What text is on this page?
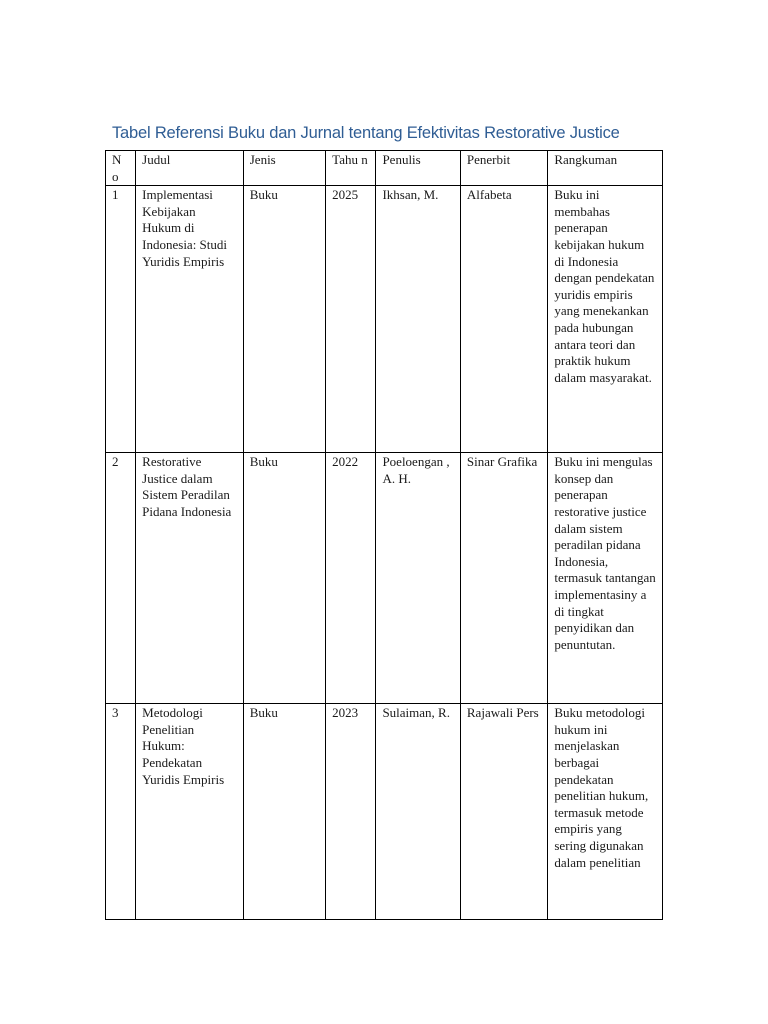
Tabel Referensi Buku dan Jurnal tentang Efektivitas Restorative Justice
N o	Judul	Jenis	Tahu n	Penulis	Penerbit	Rangkuman
1	Implementasi Kebijakan Hukum di Indonesia: Studi Yuridis Empiris	Buku	2025	Ikhsan, M.	Alfabeta	Buku ini membahas penerapan kebijakan hukum di Indonesia dengan pendekatan yuridis empiris yang menekankan pada hubungan antara teori dan praktik hukum dalam masyarakat.
2	Restorative Justice dalam Sistem Peradilan Pidana Indonesia	Buku	2022	Poeloengan , A. H.	Sinar Grafika	Buku ini mengulas konsep dan penerapan restorative justice dalam sistem peradilan pidana Indonesia, termasuk tantangan implementasiny a di tingkat penyidikan dan penuntutan.
3	Metodologi Penelitian Hukum: Pendekatan Yuridis Empiris	Buku	2023	Sulaiman, R.	Rajawali Pers	Buku metodologi hukum ini menjelaskan berbagai pendekatan penelitian hukum, termasuk metode empiris yang sering digunakan dalam penelitian
